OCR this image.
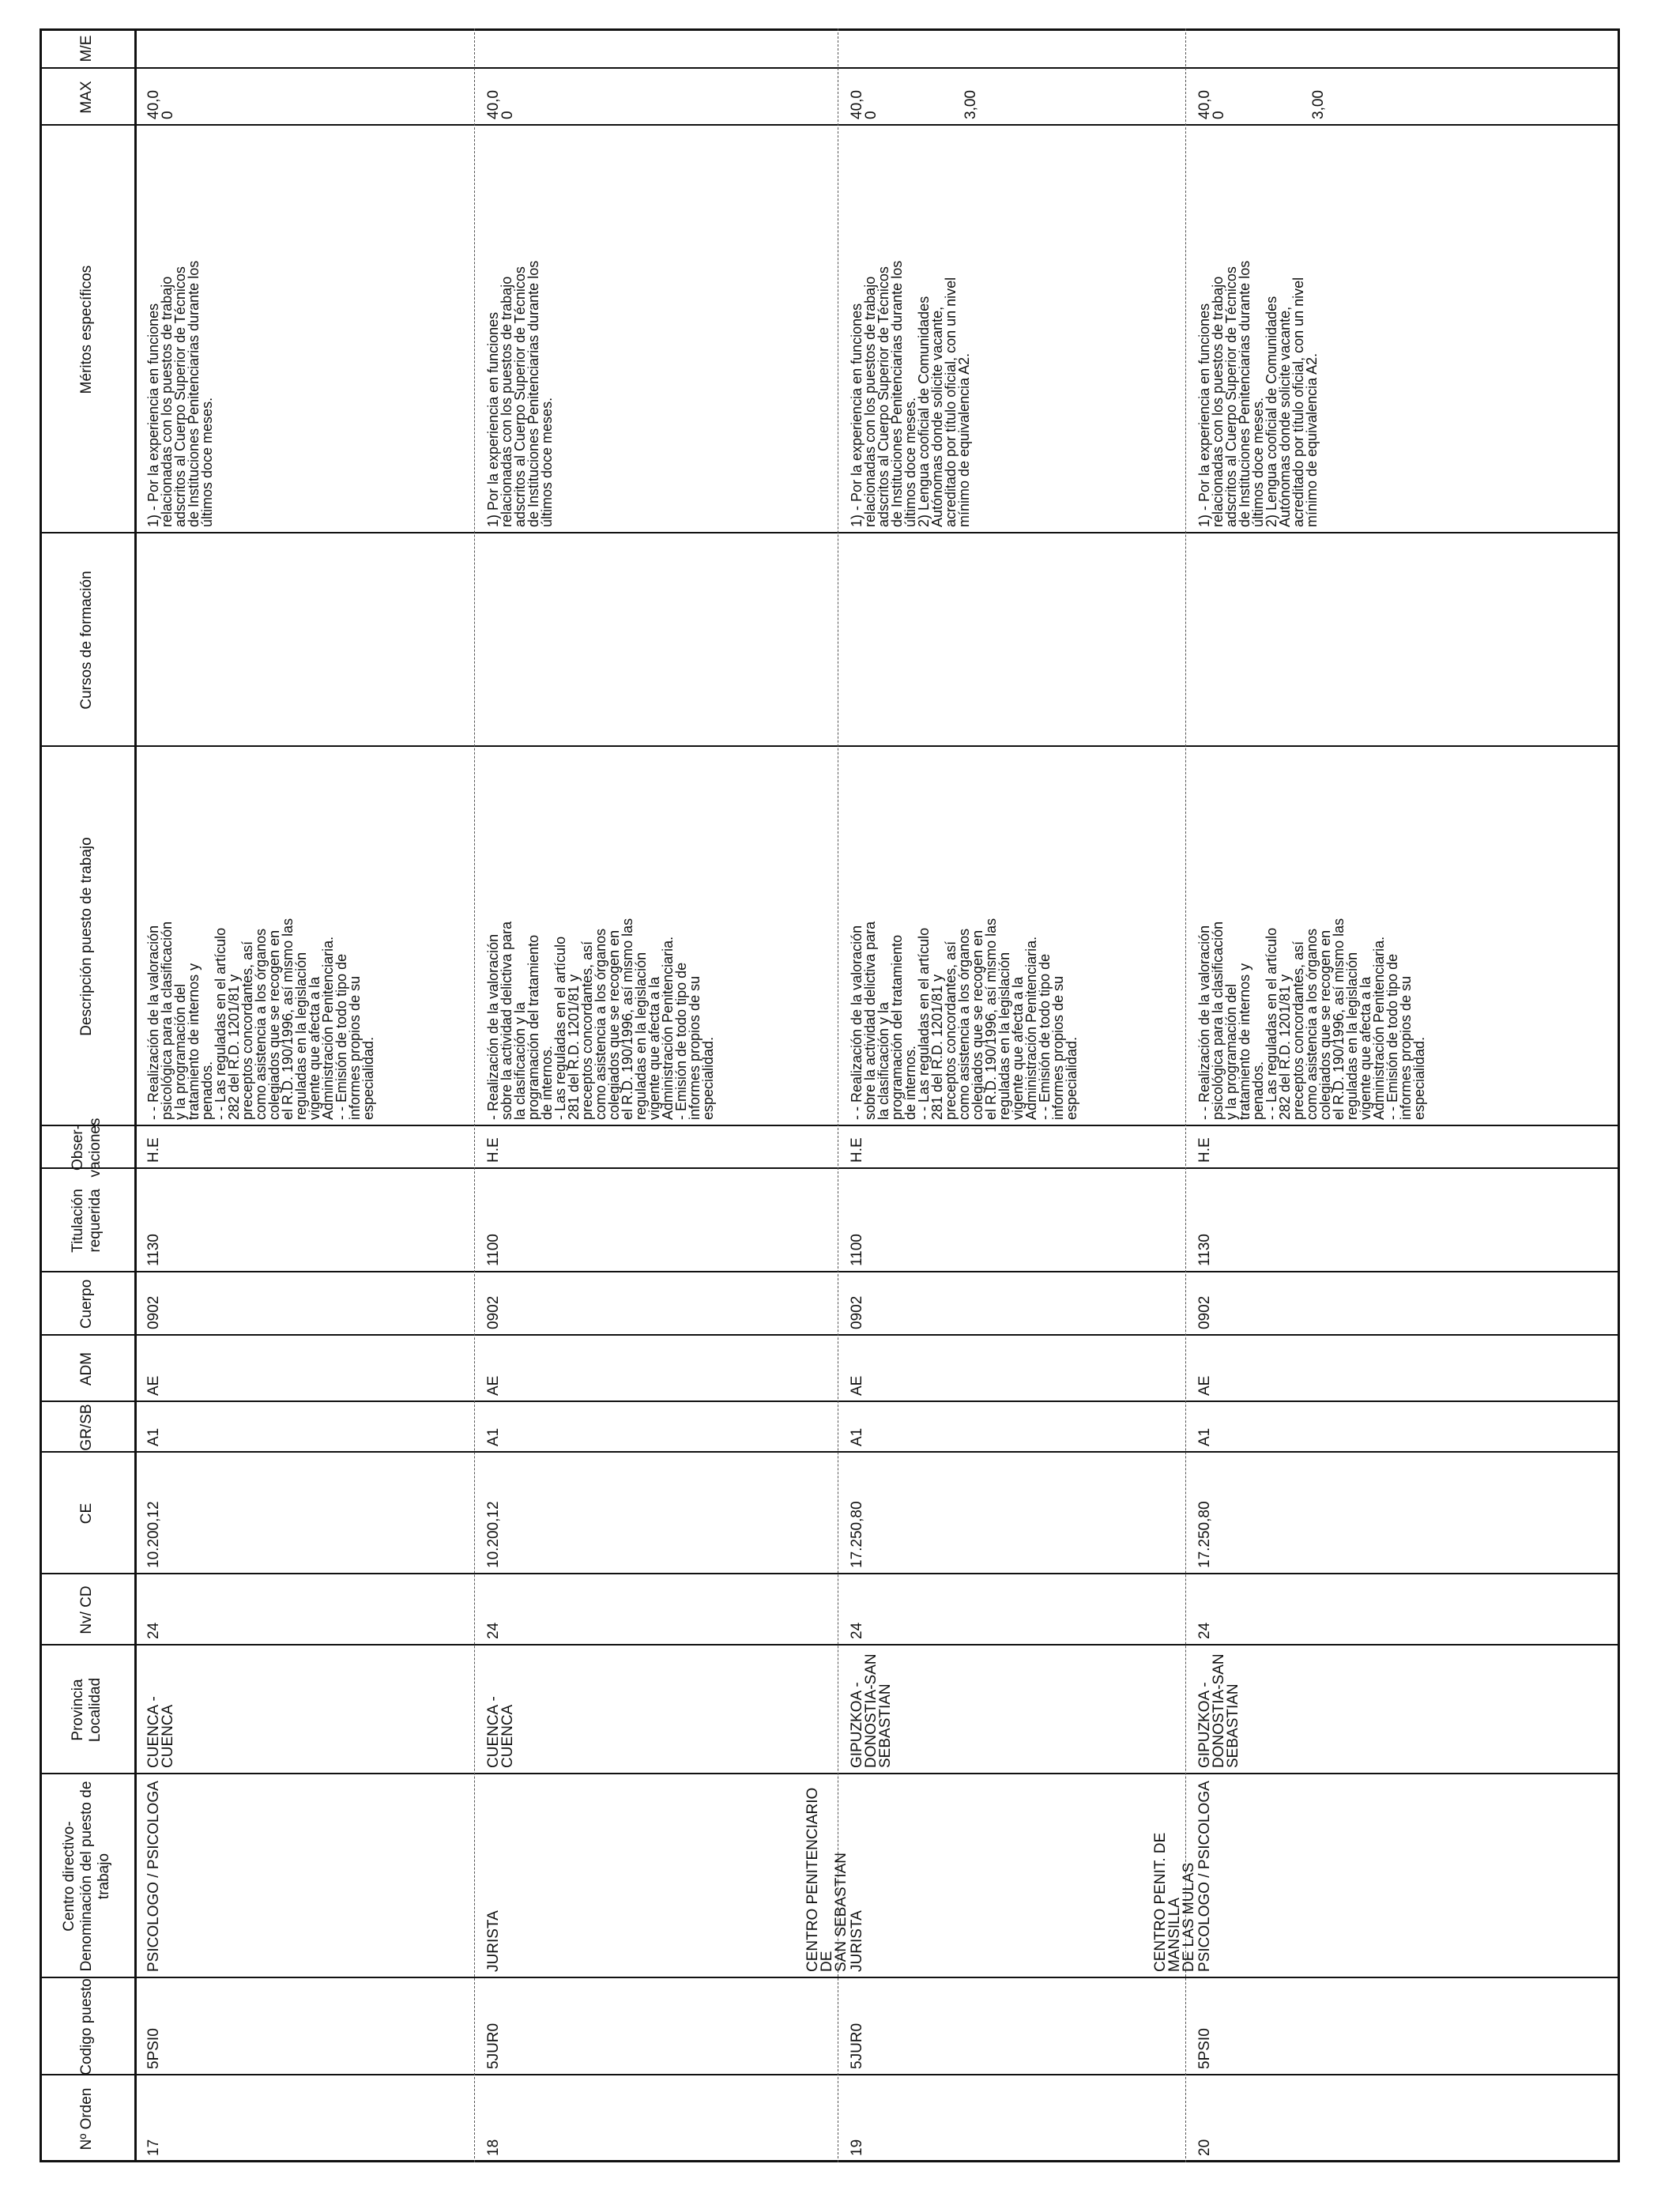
Nº Orden
Codigo puesto
Centro directivo- Denominación del puesto de trabajo
Provincia Localidad
Nv/ CD
CE
GR/SB
ADM
Cuerpo
Titulación requerida
Obser- vaciones
Descripción puesto de trabajo
Cursos de formación
Méritos específicos
MAX
M/E
17
5PSI0
PSICOLOGO / PSICOLOGA
CUENCA -
CUENCA
24
10.200,12
A1
AE
0902
1130
H.E
- - Realización de la valoración
psicológica para la clasificación
y la programación del
tratamiento de internos y
penados.
- - Las reguladas en el artículo
282 del R.D. 1201/81 y
preceptos concordantes, así
como asistencia a los órganos
colegiados que se recogen en
el R.D. 190/1996, así mismo las
reguladas en la legislación
vigente que afecta a la
Administración Penitenciaria.
- - Emisión de todo tipo de
informes propios de su
especialidad.
1) - Por la experiencia en funciones
relacionadas con los puestos de trabajo
adscritos al Cuerpo Superior de Técnicos
de Instituciones Penitenciarias durante los
últimos doce meses.
40,0
0
18
5JUR0
JURISTA
CUENCA -
CUENCA
24
10.200,12
A1
AE
0902
1100
H.E
- Realización de la valoración
sobre la actividad delictiva para
la clasificación y la
programación del tratamiento
de internos.
- Las reguladas en el artículo
281 del R.D. 1201/81 y
preceptos concordantes, así
como asistencia a los órganos
colegiados que se recogen en
el R.D. 190/1996, así mismo las
reguladas en la legislación
vigente que afecta a la
Administración Penitenciaria.
- Emisión de todo tipo de
informes propios de su
especialidad.
1) Por la experiencia en funciones
relacionadas con los puestos de trabajo
adscritos al Cuerpo Superior de Técnicos
de Instituciones Penitenciarias durante los
últimos doce meses.
40,0
0
19
5JUR0
JURISTA
GIPUZKOA -
DONOSTIA-SAN
SEBASTIAN
24
17.250,80
A1
AE
0902
1100
H.E
- - Realización de la valoración
sobre la actividad delictiva para
la clasificación y la
programación del tratamiento
de internos.
- - Las reguladas en el artículo
281 del R.D. 1201/81 y
preceptos concordantes, así
como asistencia a los órganos
colegiados que se recogen en
el R.D. 190/1996, así mismo las
reguladas en la legislación
vigente que afecta a la
Administración Penitenciaria.
- - Emisión de todo tipo de
informes propios de su
especialidad.
1) - Por la experiencia en funciones
relacionadas con los puestos de trabajo
adscritos al Cuerpo Superior de Técnicos
de Instituciones Penitenciarias durante los
últimos doce meses.
2) Lengua cooficial de Comunidades
Autónomas donde solicite vacante,
acreditado por título oficial, con un nivel
mínimo de equivalencia A2.
40,0
0	3,00
CENTRO PENITENCIARIO DE
SAN SEBASTIAN
20
5PSI0
PSICOLOGO / PSICOLOGA
GIPUZKOA -
DONOSTIA-SAN
SEBASTIAN
24
17.250,80
A1
AE
0902
1130
H.E
- - Realización de la valoración
psicológica para la clasificación
y la programación del
tratamiento de internos y
penados.
- - Las reguladas en el artículo
282 del R.D. 1201/81 y
preceptos concordantes, así
como asistencia a los órganos
colegiados que se recogen en
el R.D. 190/1996, así mismo las
reguladas en la legislación
vigente que afecta a la
Administración Penitenciaria.
- - Emisión de todo tipo de
informes propios de su
especialidad.
1) - Por la experiencia en funciones
relacionadas con los puestos de trabajo
adscritos al Cuerpo Superior de Técnicos
de Instituciones Penitenciarias durante los
últimos doce meses.
2) Lengua cooficial de Comunidades
Autónomas donde solicite vacante,
acreditado por título oficial, con un nivel
mínimo de equivalencia A2.
40,0
0	3,00
CENTRO PENIT. DE MANSILLA
DE LAS MULAS
